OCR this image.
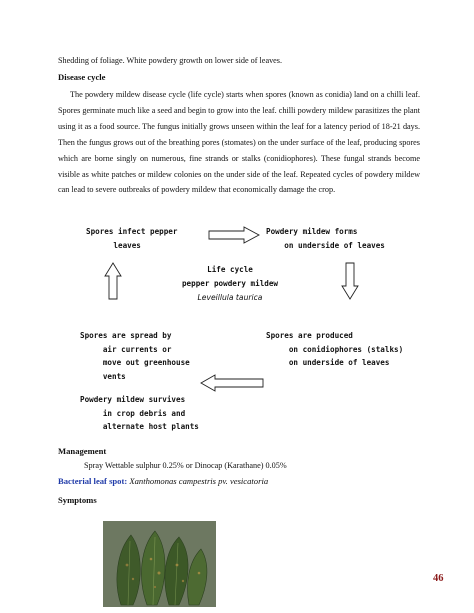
Shedding of foliage. White powdery growth on lower side of leaves.

Disease cycle

The powdery mildew disease cycle (life cycle) starts when spores (known as conidia) land on a chilli leaf. Spores germinate much like a seed and begin to grow into the leaf. chilli powdery mildew parasitizes the plant using it as a food source. The fungus initially grows unseen within the leaf for a latency period of 18-21 days. Then the fungus grows out of the breathing pores (stomates) on the under surface of the leaf, producing spores which are borne singly on numerous, fine strands or stalks (conidiophores). These fungal strands become visible as white patches or mildew colonies on the under side of the leaf. Repeated cycles of powdery mildew can lead to severe outbreaks of powdery mildew that economically damage the crop.

Spores infect pepper
leaves
Powdery mildew forms
on underside of leaves
Life cycle
pepper powdery mildew
Leveillula taurica
Spores are spread by
air currents or
move out greenhouse
vents
Spores are produced
on conidiophores (stalks)
on underside of leaves
Powdery mildew survives
in crop debris and
alternate host plants
Management
Spray Wettable sulphur 0.25% or Dinocap (Karathane) 0.05%
Bacterial leaf spot: Xanthomonas campestris pv. vesicatoria
Symptoms
46
